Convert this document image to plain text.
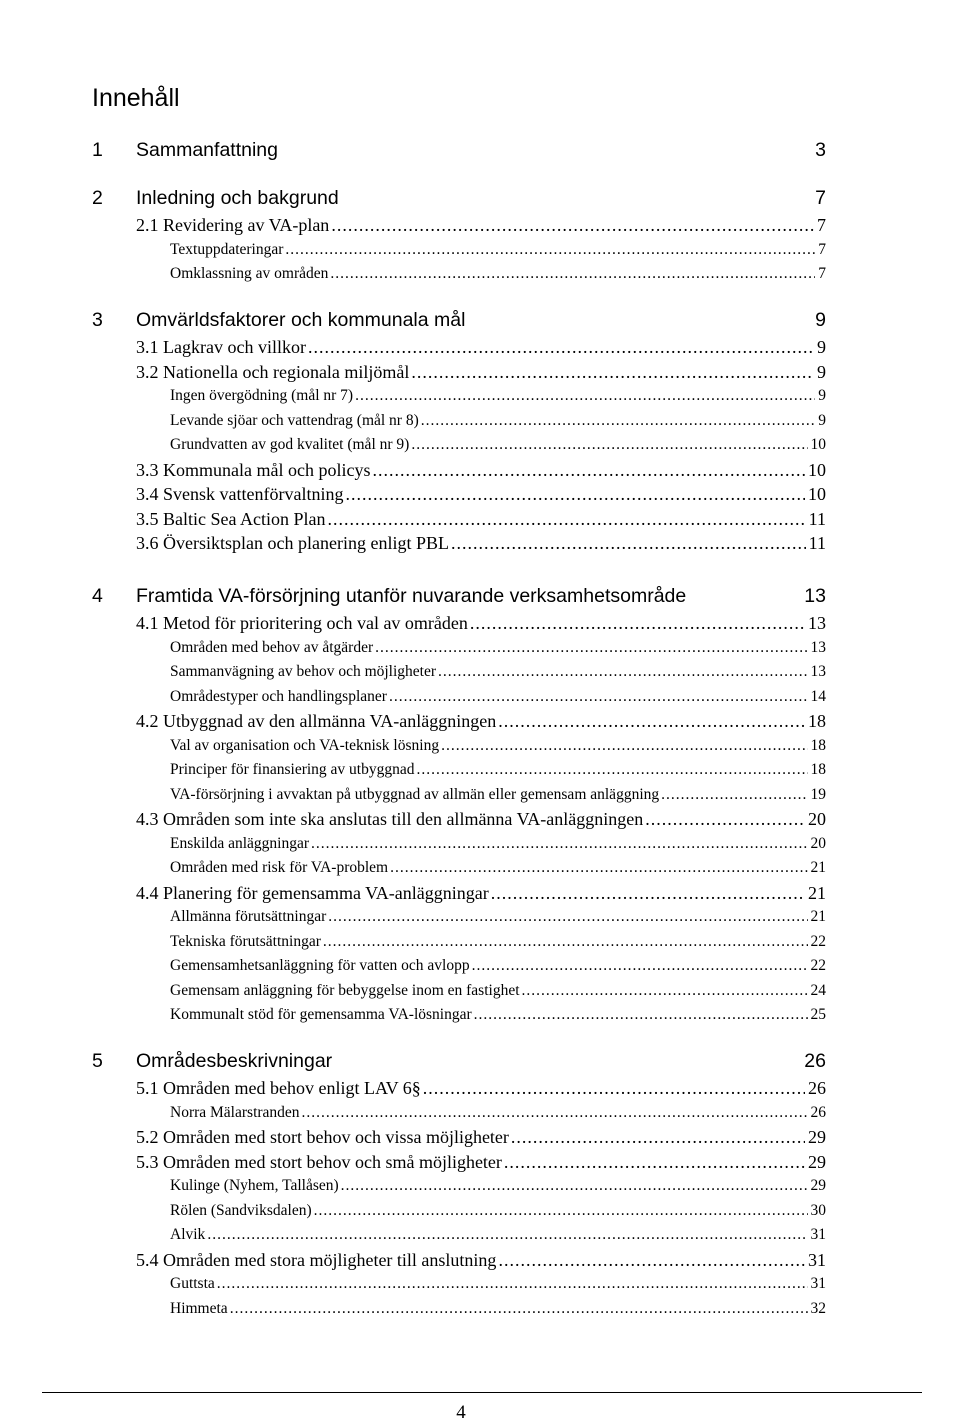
Innehåll
1 Sammanfattning	3
2 Inledning och bakgrund	7
2.1 Revidering av VA-plan .....	7
Textuppdateringar .....	7
Omklassning av områden .....	7
3 Omvärldsfaktorer och kommunala mål	9
3.1 Lagkrav och villkor .....	9
3.2 Nationella och regionala miljömål .....	9
Ingen övergödning (mål nr 7) .....	9
Levande sjöar och vattendrag (mål nr 8) .....	9
Grundvatten av god kvalitet (mål nr 9) .....	10
3.3 Kommunala mål och policys .....	10
3.4 Svensk vattenförvaltning .....	10
3.5 Baltic Sea Action Plan .....	11
3.6 Översiktsplan och planering enligt PBL .....	11
4 Framtida VA-försörjning utanför nuvarande verksamhetsområde	13
4.1 Metod för prioritering och val av områden .....	13
Områden med behov av åtgärder .....	13
Sammanvägning av behov och möjligheter .....	13
Områdestyper och handlingsplaner .....	14
4.2 Utbyggnad av den allmänna VA-anläggningen .....	18
Val av organisation och VA-teknisk lösning .....	18
Principer för finansiering av utbyggnad .....	18
VA-försörjning i avvaktan på utbyggnad av allmän eller gemensam anläggning .....	19
4.3 Områden som inte ska anslutas till den allmänna VA-anläggningen .....	20
Enskilda anläggningar .....	20
Områden med risk för VA-problem .....	21
4.4 Planering för gemensamma VA-anläggningar .....	21
Allmänna förutsättningar .....	21
Tekniska förutsättningar .....	22
Gemensamhetsanläggning för vatten och avlopp .....	22
Gemensam anläggning för bebyggelse inom en fastighet .....	24
Kommunalt stöd för gemensamma VA-lösningar .....	25
5 Områdesbeskrivningar	26
5.1 Områden med behov enligt LAV 6§ .....	26
Norra Mälarstranden .....	26
5.2 Områden med stort behov och vissa möjligheter .....	29
5.3 Områden med stort behov och små möjligheter .....	29
Kulinge (Nyhem, Tallåsen) .....	29
Rölen (Sandviksdalen) .....	30
Alvik .....	31
5.4 Områden med stora möjligheter till anslutning .....	31
Guttsta .....	31
Himmeta .....	32
4
